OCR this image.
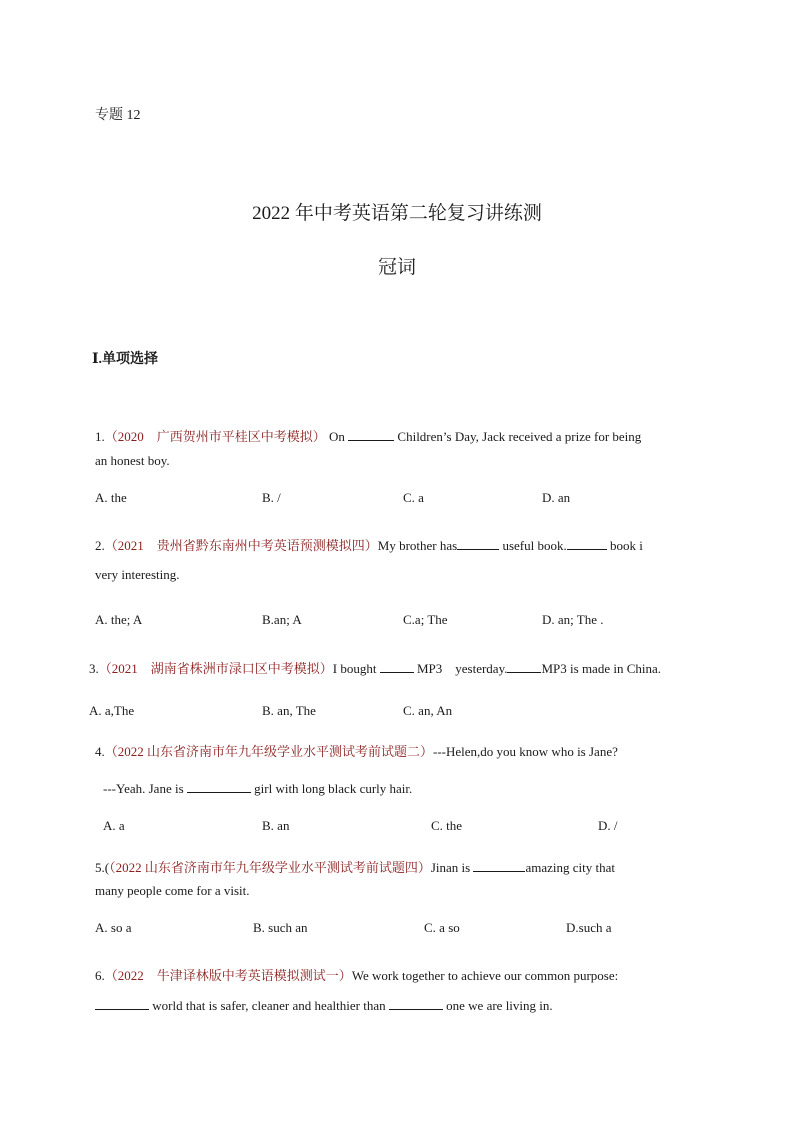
专题 12
2022 年中考英语第二轮复习讲练测
冠词
Ⅰ.单项选择
1.（2020　广西贺州市平桂区中考模拟） On	Children’s Day, Jack received a prize for being
an honest boy.
A. the	B. /	C. a	D. an
2.（2021　贵州省黔东南州中考英语预测模拟四）My brother has	useful book.	book i
very interesting.
A. the; A	B.an; A	C.a; The	D. an; The .
3.（2021　湖南省株洲市渌口区中考模拟）I bought	MP3　yesterday.	MP3 is made in China.
A. a,The	B. an, The	C. an, An
4.（2022 山东省济南市年九年级学业水平测试考前试题二）---Helen,do you know who is Jane?
---Yeah. Jane is	girl with long black curly hair.
A. a	B. an	C. the	D. /
5.(（2022 山东省济南市年九年级学业水平测试考前试题四）Jinan is	amazing city that
many people come for a visit.
A. so a	B. such an	C. a so	D.such a
6.（2022　牛津译林版中考英语模拟测试一）We work together to achieve our common purpose:
world that is safer, cleaner and healthier than	one we are living in.
